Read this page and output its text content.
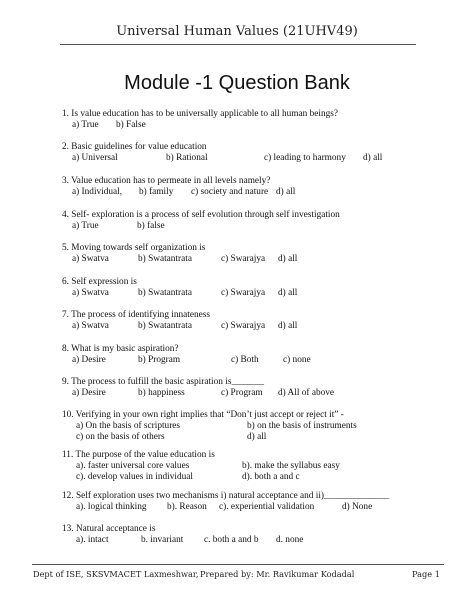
Universal Human Values (21UHV49)
Module -1 Question Bank
1. Is value education has to be universally applicable to all human beings?
a) True b) False
2. Basic guidelines for value education
a) Universal	b) Rational	c) leading to harmony d) all
3. Value education has to permeate in all levels namely?
a) Individual, b) family c) society and nature d) all
4. Self- exploration is a process of self evolution through self investigation
a) True	b) false
5. Moving towards self organization is
a) Swatva	b) Swatantrata	c) Swarajya d) all
6. Self expression is
a) Swatva	b) Swatantrata	c) Swarajya d) all
7. The process of identifying innateness
a) Swatva	b) Swatantrata	c) Swarajya d) all
8. What is my basic aspiration?
a) Desire	b) Program	c) Both	c) none
9. The process to fulfill the basic aspiration is_______
a) Desire	b) happiness	c) Program d) All of above
10. Verifying in your own right implies that “Don’t just accept or reject it” -
a) On the basis of scriptures	b) on the basis of instruments
c) on the basis of others	d) all
11. The purpose of the value education is
a). faster universal core values	b). make the syllabus easy
c). develop values in individual	d). both a and c
12. Self exploration uses two mechanisms i) natural acceptance and ii)______________
a). logical thinking b). Reason c). experiential validation	d) None
13. Natural acceptance is
a). intact	b. invariant c. both a and b d. none
Dept of ISE, SKSVMACET Laxmeshwar, Prepared by: Mr. Ravikumar Kodadal	Page 1
